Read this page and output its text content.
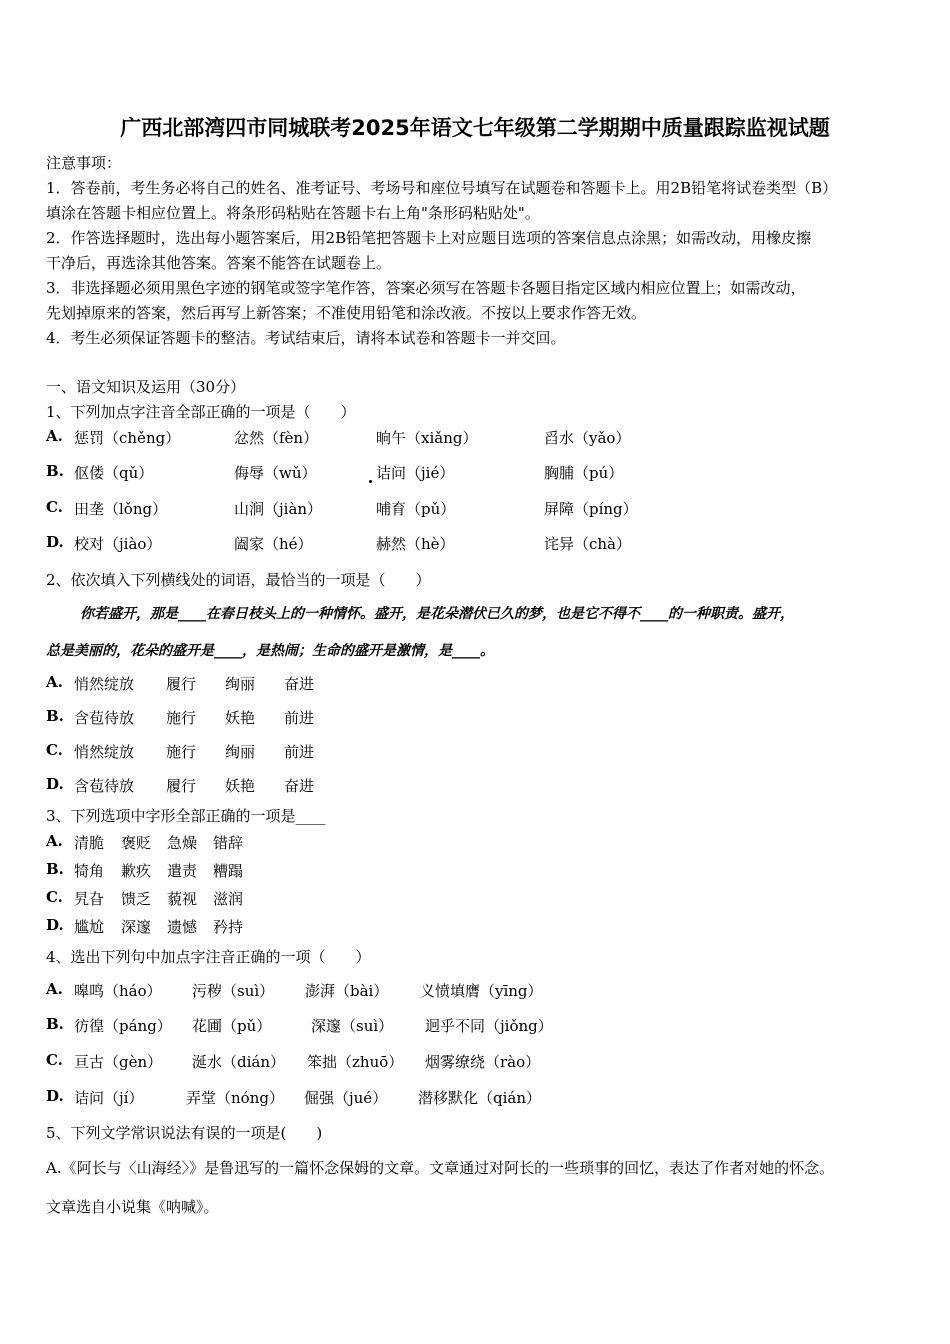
广西北部湾四市同城联考2025年语文七年级第二学期期中质量跟踪监视试题
注意事项：
1．答卷前，考生务必将自己的姓名、准考证号、考场号和座位号填写在试题卷和答题卡上。用2B铅笔将试卷类型（B）
填涂在答题卡相应位置上。将条形码粘贴在答题卡右上角"条形码粘贴处"。
2．作答选择题时，选出每小题答案后，用2B铅笔把答题卡上对应题目选项的答案信息点涂黑；如需改动，用橡皮擦
干净后，再选涂其他答案。答案不能答在试题卷上。
3．非选择题必须用黑色字迹的钢笔或签字笔作答，答案必须写在答题卡各题目指定区域内相应位置上；如需改动，
先划掉原来的答案，然后再写上新答案；不准使用铅笔和涂改液。不按以上要求作答无效。
4．考生必须保证答题卡的整洁。考试结束后，请将本试卷和答题卡一并交回。
一、语文知识及运用（30分）
1、下列加点字注音全部正确的一项是（　　）
A. 惩罚（chěng）	忿然（fèn）	晌午（xiǎng）	舀水（yǎo）
B. 伛偻（qǔ）	侮辱（wǔ）	诘问（jié）	胸脯（pú）
C. 田垄（lǒng）	山涧（jiàn）	哺育（pǔ）	屏障（píng）
D. 校对（jiào）	阖家（hé）	赫然（hè）	诧异（chà）
2、依次填入下列横线处的词语，最恰当的一项是（　　）
你若盛开，那是____在春日枝头上的一种情怀。盛开，是花朵潜伏已久的梦，也是它不得不____的一种职责。盛开，
总是美丽的，花朵的盛开是____，是热闹；生命的盛开是激情，是____。
A. 悄然绽放 履行 绚丽 奋进
B. 含苞待放 施行 妖艳 前进
C. 悄然绽放 施行 绚丽 前进
D. 含苞待放 履行 妖艳 奋进
3、下列选项中字形全部正确的一项是____
A. 清脆 褒贬 急燥 错辞
B. 犄角 歉疚 遣责 糟蹋
C. 旯旮 馈乏 藐视 滋润
D. 尴尬 深邃 遗憾 矜持
4、选出下列句中加点字注音正确的一项（　　）
A. 嗥鸣（háo） 污秽（suì） 澎湃（bài） 义愤填膺（yīng）
B. 彷徨（páng） 花圃（pǔ）	深邃（suì） 迥乎不同（jiǒng）
C. 亘古（gèn） 涎水（dián） 笨拙（zhuō） 烟雾缭绕（rào）
D. 诘问（jí）	弄堂（nóng） 倔强（jué） 潜移默化（qián）
5、下列文学常识说法有误的一项是(　　)
A.《阿长与〈山海经〉》是鲁迅写的一篇怀念保姆的文章。文章通过对阿长的一些琐事的回忆，表达了作者对她的怀念。
文章选自小说集《呐喊》。
